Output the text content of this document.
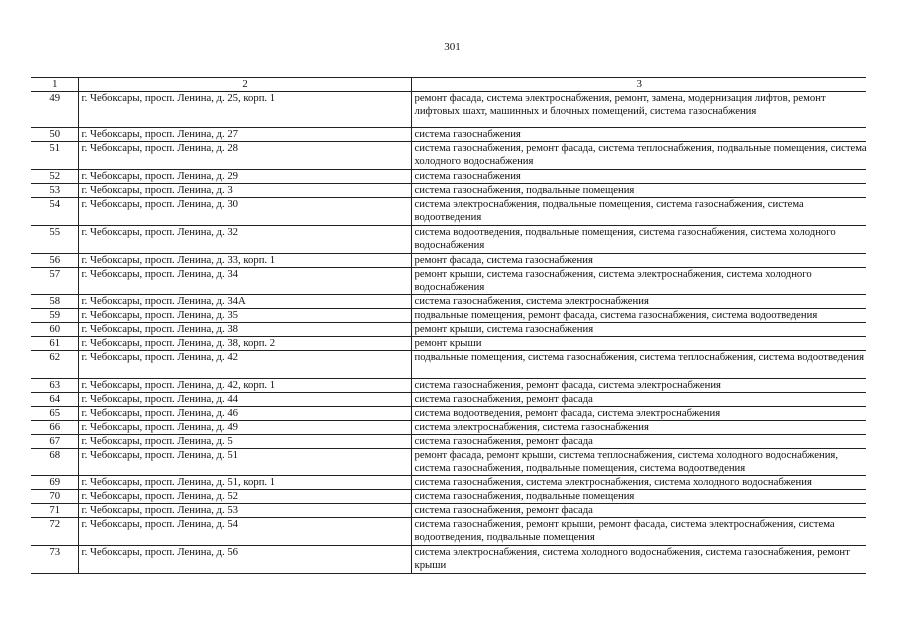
301
1	2	3
49	г. Чебоксары, просп. Ленина, д. 25, корп. 1	ремонт фасада, система электроснабжения, ремонт, замена, модернизация лифтов, ремонт
лифтовых шахт, машинных и блочных помещений, система газоснабжения
50	г. Чебоксары, просп. Ленина, д. 27	система газоснабжения
51	г. Чебоксары, просп. Ленина, д. 28	система газоснабжения, ремонт фасада, система теплоснабжения, подвальные помещения, система
холодного водоснабжения
52	г. Чебоксары, просп. Ленина, д. 29	система газоснабжения
53	г. Чебоксары, просп. Ленина, д. 3	система газоснабжения, подвальные помещения
54	г. Чебоксары, просп. Ленина, д. 30	система электроснабжения, подвальные помещения, система газоснабжения, система
водоотведения
55	г. Чебоксары, просп. Ленина, д. 32	система водоотведения, подвальные помещения, система газоснабжения, система холодного
водоснабжения
56	г. Чебоксары, просп. Ленина, д. 33, корп. 1	ремонт фасада, система газоснабжения
57	г. Чебоксары, просп. Ленина, д. 34	ремонт крыши, система газоснабжения, система электроснабжения, система холодного
водоснабжения
58	г. Чебоксары, просп. Ленина, д. 34А	система газоснабжения, система электроснабжения
59	г. Чебоксары, просп. Ленина, д. 35	подвальные помещения, ремонт фасада, система газоснабжения, система водоотведения
60	г. Чебоксары, просп. Ленина, д. 38	ремонт крыши, система газоснабжения
61	г. Чебоксары, просп. Ленина, д. 38, корп. 2	ремонт крыши
62	г. Чебоксары, просп. Ленина, д. 42	подвальные помещения, система газоснабжения, система теплоснабжения, система водоотведения
63	г. Чебоксары, просп. Ленина, д. 42, корп. 1	система газоснабжения, ремонт фасада, система электроснабжения
64	г. Чебоксары, просп. Ленина, д. 44	система газоснабжения, ремонт фасада
65	г. Чебоксары, просп. Ленина, д. 46	система водоотведения, ремонт фасада, система электроснабжения
66	г. Чебоксары, просп. Ленина, д. 49	система электроснабжения, система газоснабжения
67	г. Чебоксары, просп. Ленина, д. 5	система газоснабжения, ремонт фасада
68	г. Чебоксары, просп. Ленина, д. 51	ремонт фасада, ремонт крыши, система теплоснабжения, система холодного водоснабжения,
система газоснабжения, подвальные помещения, система водоотведения
69	г. Чебоксары, просп. Ленина, д. 51, корп. 1	система газоснабжения, система электроснабжения, система холодного водоснабжения
70	г. Чебоксары, просп. Ленина, д. 52	система газоснабжения, подвальные помещения
71	г. Чебоксары, просп. Ленина, д. 53	система газоснабжения, ремонт фасада
72	г. Чебоксары, просп. Ленина, д. 54	система газоснабжения, ремонт крыши, ремонт фасада, система электроснабжения, система
водоотведения, подвальные помещения
73	г. Чебоксары, просп. Ленина, д. 56	система электроснабжения, система холодного водоснабжения, система газоснабжения, ремонт
крыши
